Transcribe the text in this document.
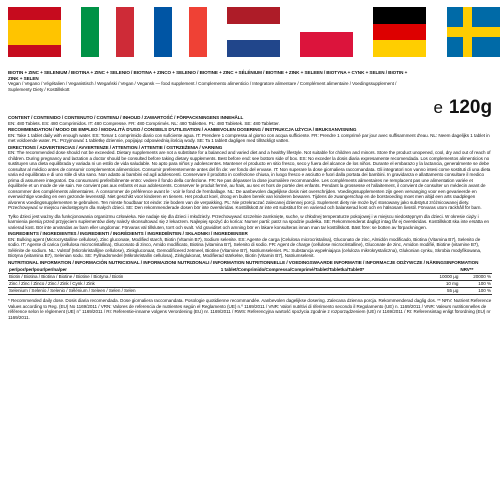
BIOTIN + ZINC + SELENIUM / BIOTINA + ZINC + SELENIO / BIOTINA + ZINCO + SELENIO / BIOTINE + ZINC + SÉLÉNIUM / BIOTINE + ZINK + SELEEN / BIOTYNA + CYNK + SELEN / BIOTIN + ZINK + SELEN
Vegan / Vegano / Végétalien / Veganistisch / Wegański / Vegan / Vegansk — food supplement / Complemento alimenticio / Integratore alimentare / Complément alimentaire / Voedingssupplement / Suplementy Diety / Kosttillskott
e 120g
CONTENT / CONTENIDO / CONTENUTO / CONTENU / INHOUD / ZAWARTOŚĆ / FÖRPACKNINGENS INNEHÅLL
EN: 480 Tablets. ES: 480 Comprimidos. IT: 480 Compresse. FR: 480 Comprimés. NL: 480 Tabletten. PL: 480 Tabletek. SE: 480 Tabletter.
RECOMMENDATION / MODO DE EMPLEO / MODALITÀ D'USO / CONSEILS D'UTILISATION / AANBEVOLEN DOSERING / INSTRUKCJA UŻYCIA / BRUKSANVISNING
EN: Take 1 tablet daily with enough water. ES: Tomar 1 comprimido diario con suficiente agua. IT: Prendere 1 compressa al giorno con acqua sufficiente. FR: Prendre 1 comprimé par jour avec suffisamment d'eau. NL: Neem dagelijks 1 tablet in met voldoende water. PL: Przyjmować 1 tabletkę dziennie, popijając odpowiednią ilością wody. SE: Ta 1 tablett dagligen med tillräckligt vatten.
DIRECTIONS / ADVERTENCIAS / AVVERTENZE / ATTENTION / ATTENTIE / OSTRZEŻENIA / VARNING
EN: The recommended dose should not be exceeded. Dietary supplements are not a substitute for a balanced and varied diet and a healthy lifestyle. Not suitable for children and minors. Store the product unopened, cool, dry and out of reach of children. During pregnancy and lactation a doctor should be consulted before taking dietary supplements. Best before end: see bottom side of box. ES: No exceder la dosis diaria expresamente recomendada. Los complementos alimenticios no sustituyen una dieta equilibrada y variada ni un estilo de vida saludable. No apto para niños y adolescentes. Mantener el producto en sitio fresco, seco y fuera del alcance de los niños. Durante el embarazo y la lactancia, generalmente se debe consultar al médico antes de consumir complementos alimenticios. Consumir preferentemente antes del fin de: ver fondo del envase. IT: Non superare la dose giornaliera raccomandata. Gli integratori non vanno intesi come sostituti di una dieta varia ed equilibrata e di uno stile di vita sano. Non adatto ai bambini ed agli adolescenti. Conservare il prodotto in confezione chiusa, in luogo fresco e asciutto e fuori dalla portata dei bambini. In gravidanza e allattamento consultare il medico prima di assumere integratori. Da consumarsi preferibilmente entro: vedere il fondo della confezione. FR: Ne pas dépasser la dose journalière recommandée. Les compléments alimentaires ne remplacent pas une alimentation variée et équilibrée et un mode de vie sain. Ne convient pas aux enfants et aux adolescents. Conserver le produit fermé, au frais, au sec et hors de portée des enfants. Pendant la grossesse et l'allaitement, il convient de consulter un médecin avant de consommer des compléments alimentaires. À consommer de préférence avant le : voir le fond de l'emballage. NL: De aanbevolen dagelijkse dosis niet overschrijden. Voedingssupplementen zijn geen vervanging voor een gevarieerde en evenwichtige voeding en een gezonde levensstijl. Niet geschikt voor kinderen en tieners. Het product koel, droog en buiten bereik van kinderen bewaren. Tijdens de zwangerschap en de borstvoeding moet men altijd een arts raadplegen alvorens voedingssupplementen te gebruiken. Ten minste houdbaar tot einde: zie bodem van de verpakking. PL: Nie przekraczać zalecanej dziennej porcji. Suplement diety nie może być stosowany jako substytut zróżnicowanej diety. Przechowywać w miejscu niedostępnym dla małych dzieci. SE: Den rekommenderade dosen bör inte överskridas. Kosttillskott är inte ett substitut för en varierad och balanserad kost och en hälsosam livsstil. Förvaras utom räckhåll för barn.
Tylko dzieci jest ważny dla funkcjonowania organizmu człowieka. Nie nadaje się dla dzieci i młodzieży. Przechowywać szczelnie zamknięte, suche, w chłodnej temperaturze pokojowej i w miejscu niedostępnym dla dzieci. W okresie ciąży i karmienia piersią przed przyjęciem suplementów diety należy skonsultować się z lekarzem. Najlepiej spożyć do końca: Numer partii: patrz na spodzie pudełka. SE: Rekommenderat dagligt intag får ej överskridas. Kosttillskott ska inte ersätta en varierad kost. Bör inte användas av barn eller ungdomar. Förvaras väl tillsluten, torrt och svalt. Vid graviditet och amning bör en läkare konsulteras innan man tar kosttillskott. Bäst före: se botten av förpackningen.
INGREDIENTS / INGREDIENTES / INGREDIENTI / INGRÉDIENTS / INGREDIËNTEN / SKŁADNIKI / INGREDIENSER
EN: Bulking agent (Microcrystalline cellulose), Zinc gluconate, Modified starch, Biotin (Vitamin B7), Sodium selenite. ES: Agente de carga (Celulosa microcristalina), Gluconato de zinc, Almidón modificado, Biotina (Vitamina B7), Selenito de sodio. IT: Agente di carica (cellulosa microcristallina), Gluconato di zinco, Amido modificato, Biotina (vitamina B7), Selenito di sodio. FR: Agent de charge (cellulose microcristalline), Gluconate de zinc, Amidon modifié, Biotine (vitamine B7), Sélénite de sodium. NL: Vulstof (Microkristallijne cellulose), Zinkgluconaat, Gemodificeerd zetmeel, Biotine (Vitamine B7), Natriumseleniet. PL: Substancja wypełniająca (celuloza mikrokrystaliczna), Glukonian cynku, Skrobia modyfikowana, Biotyna (witamina B7), Selenian sodu. SE: Fyllnadsmedel (Mikrokristallin cellulosa), Zinkglukonat, Modifierad stärkelse, Biotin (Vitamin B7), Natriumselenit.
NUTRITIONAL INFORMATION / INFORMACIÓN NUTRICIONAL / INFORMAZIONI NUTRIZIONALI / INFORMATION NUTRITIONNELLE / VOEDINGSWAARDE INFORMATIE / INFORMACJE ODŻYWCZE / NÄRINGSINFORMATION
per/por/per/pour/per/na/per	1 tablet/Comprimido/Compressa/Comprimé/Tablet/Tabletka/Tablett*	NRV**
Biotin / Biotina / Biotina / Biotine / Biotine / Biotyna / Biotin	10000 μg	20000 %
Zinc / Zinc / Zinco / Zinc / Zink / Cynk / Zink	10 mg	100 %
Selenium / Selenio / Selenio / Sélénium / Seleen / Selen / Selen	55 μg	100 %
* Recommended daily dose. Dosis diaria recomendada. Dose giornaliera raccomandata. Posologie quotidienne recommandée. Aanbevolen dagelijkse dosering. Zalecana dzienna porcja. Rekommenderad daglig dos. ** NRV: Nutrient Reference Values according to Reg. (EU) No 1169/2011 / VRN: Valores de referencia de nutrientes según el Reglamento (UE) n.º 1169/2011 / VNR: Valori nutritivi di riferimento secondo il Regolamento (UE) n. 1169/2011 / VNR: Valeurs nutritionnelles de référence selon le règlement (UE) n° 1169/2011 / RI: Referentie-inname volgens Verordening (EU) nr. 1169/2011 / RWS: Referencyjna wartość spożycia zgodnie z rozporządzeniem (UE) nr 1169/2011 / RI: Referensintag enligt förordning (EU) nr 1169/2011.
